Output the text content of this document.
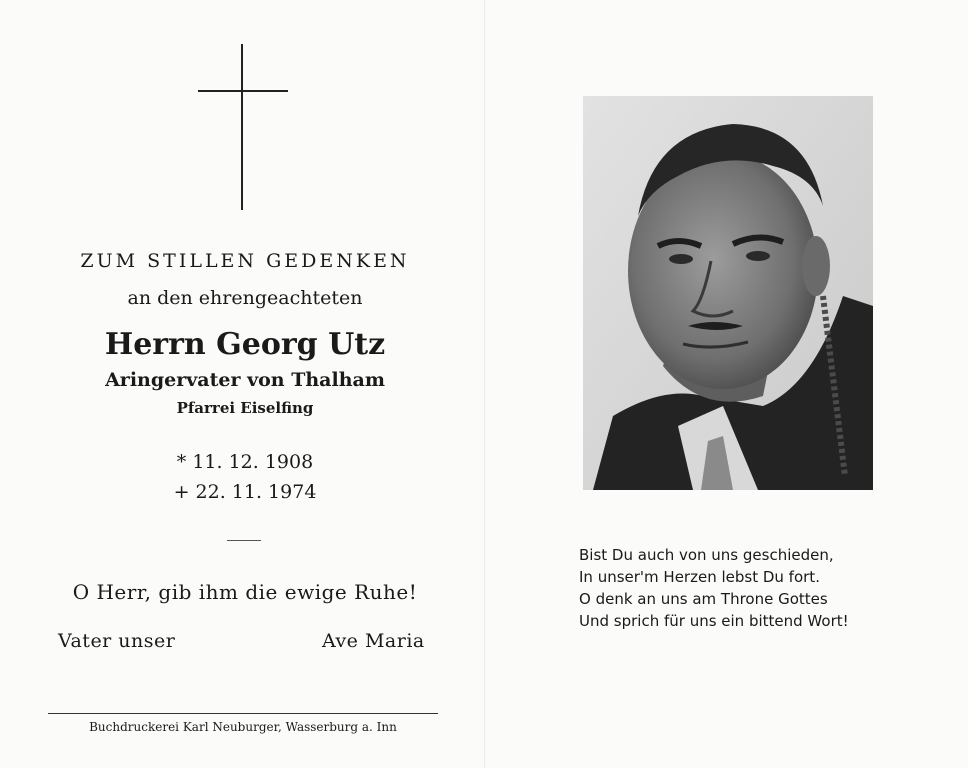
ZUM STILLEN GEDENKEN
an den ehrengeachteten
Herrn Georg Utz
Aringervater von Thalham
Pfarrei Eiselfing
* 11. 12. 1908
+ 22. 11. 1974
O Herr, gib ihm die ewige Ruhe!
Vater unser	Ave Maria
Buchdruckerei Karl Neuburger, Wasserburg a. Inn
Bist Du auch von uns geschieden,
In unser'm Herzen lebst Du fort.
O denk an uns am Throne Gottes
Und sprich für uns ein bittend Wort!
